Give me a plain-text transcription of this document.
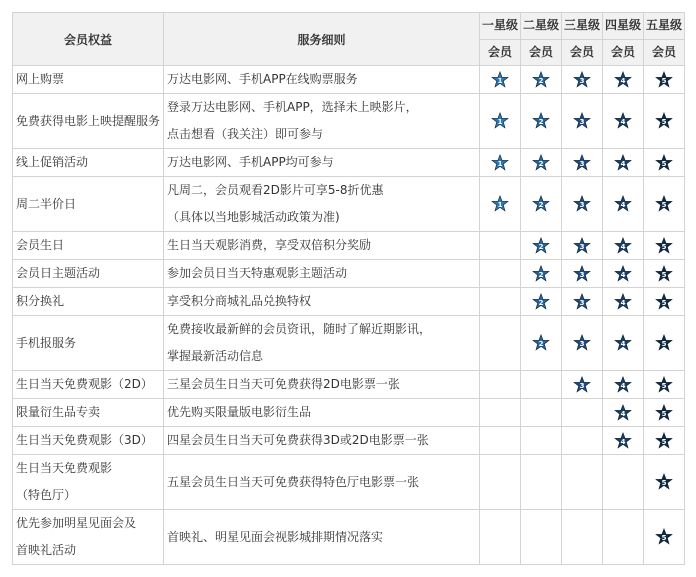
会员权益	服务细则	一星级	二星级	三星级	四星级	五星级
		会员	会员	会员	会员	会员

网上购票	万达电影网、手机APP在线购票服务	1	2	3	4	5

免费获得电影上映提醒服务	登录万达电影网、手机APP，选择未上映影片，
点击想看（我关注）即可参与	1	2	3	4	5

线上促销活动	万达电影网、手机APP均可参与	1	2	3	4	5

周二半价日	凡周二，会员观看2D影片可享5-8折优惠
（具体以当地影城活动政策为准)	1	2	3	4	5

会员生日	生日当天观影消费，享受双倍积分奖励		2	3	4	5

会员日主题活动	参加会员日当天特惠观影主题活动		2	3	4	5

积分换礼	享受积分商城礼品兑换特权		2	3	4	5

手机报服务	免费接收最新鲜的会员资讯，随时了解近期影讯，
掌握最新活动信息		2	3	4	5

生日当天免费观影（2D）	三星会员生日当天可免费获得2D电影票一张			3	4	5

限量衍生品专卖	优先购买限量版电影衍生品				4	5

生日当天免费观影（3D）	四星会员生日当天可免费获得3D或2D电影票一张				4	5

生日当天免费观影
（特色厅）	五星会员生日当天可免费获得特色厅电影票一张					5

优先参加明星见面会及
首映礼活动	首映礼、明星见面会视影城排期情况落实					5
